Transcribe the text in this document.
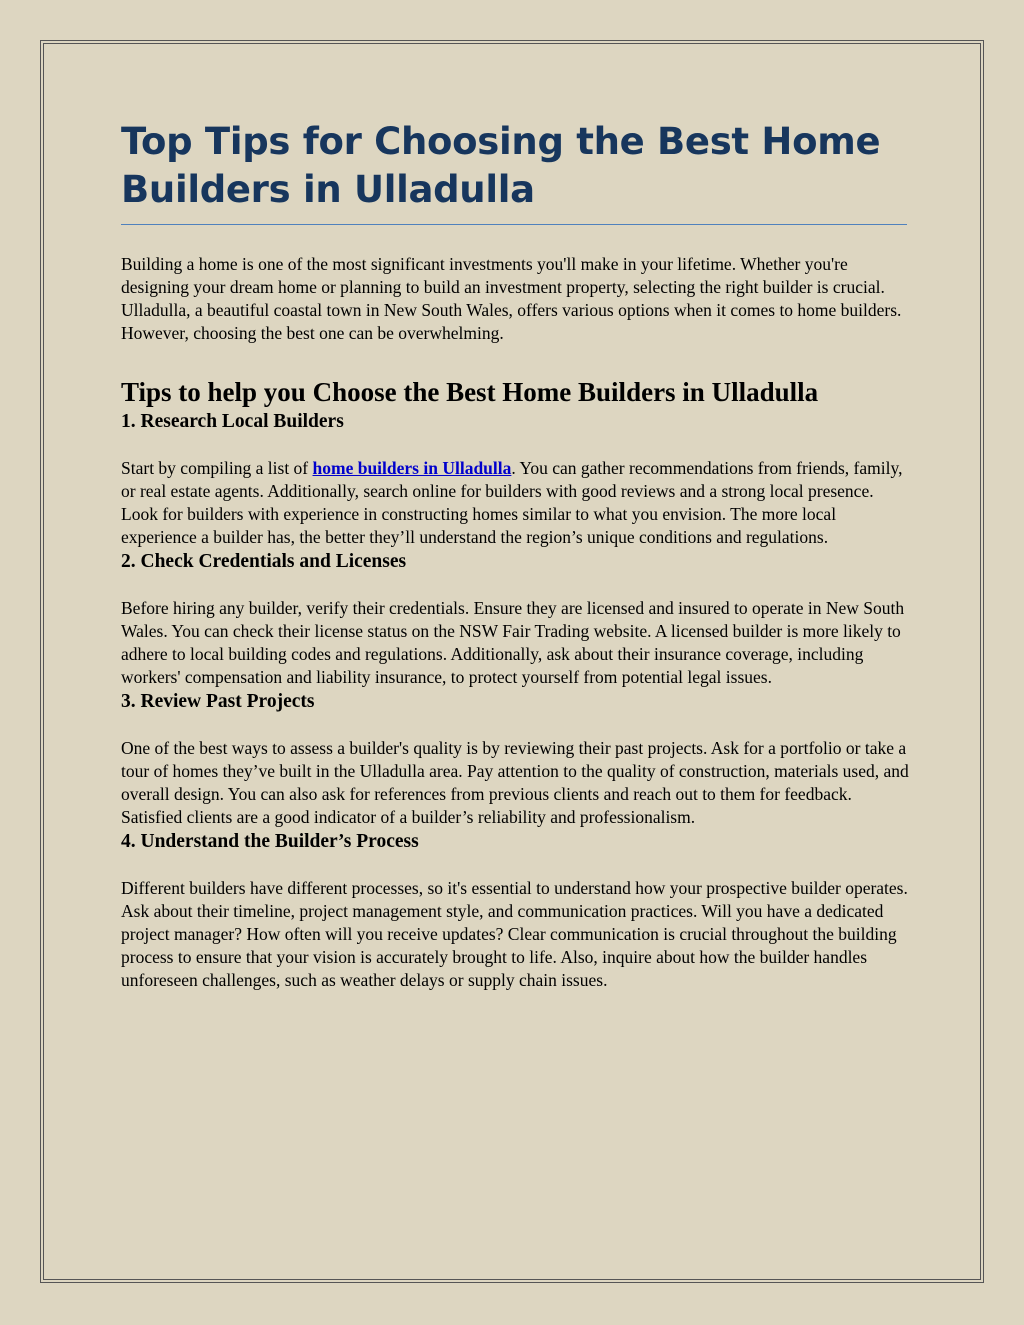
Top Tips for Choosing the Best Home Builders in Ulladulla

Building a home is one of the most significant investments you'll make in your lifetime. Whether you're designing your dream home or planning to build an investment property, selecting the right builder is crucial. Ulladulla, a beautiful coastal town in New South Wales, offers various options when it comes to home builders. However, choosing the best one can be overwhelming.

Tips to help you Choose the Best Home Builders in Ulladulla
1. Research Local Builders

Start by compiling a list of home builders in Ulladulla. You can gather recommendations from friends, family, or real estate agents. Additionally, search online for builders with good reviews and a strong local presence. Look for builders with experience in constructing homes similar to what you envision. The more local experience a builder has, the better they’ll understand the region’s unique conditions and regulations.

2. Check Credentials and Licenses

Before hiring any builder, verify their credentials. Ensure they are licensed and insured to operate in New South Wales. You can check their license status on the NSW Fair Trading website. A licensed builder is more likely to adhere to local building codes and regulations. Additionally, ask about their insurance coverage, including workers' compensation and liability insurance, to protect yourself from potential legal issues.

3. Review Past Projects

One of the best ways to assess a builder's quality is by reviewing their past projects. Ask for a portfolio or take a tour of homes they’ve built in the Ulladulla area. Pay attention to the quality of construction, materials used, and overall design. You can also ask for references from previous clients and reach out to them for feedback. Satisfied clients are a good indicator of a builder’s reliability and professionalism.

4. Understand the Builder’s Process

Different builders have different processes, so it's essential to understand how your prospective builder operates. Ask about their timeline, project management style, and communication practices. Will you have a dedicated project manager? How often will you receive updates? Clear communication is crucial throughout the building process to ensure that your vision is accurately brought to life. Also, inquire about how the builder handles unforeseen challenges, such as weather delays or supply chain issues.
